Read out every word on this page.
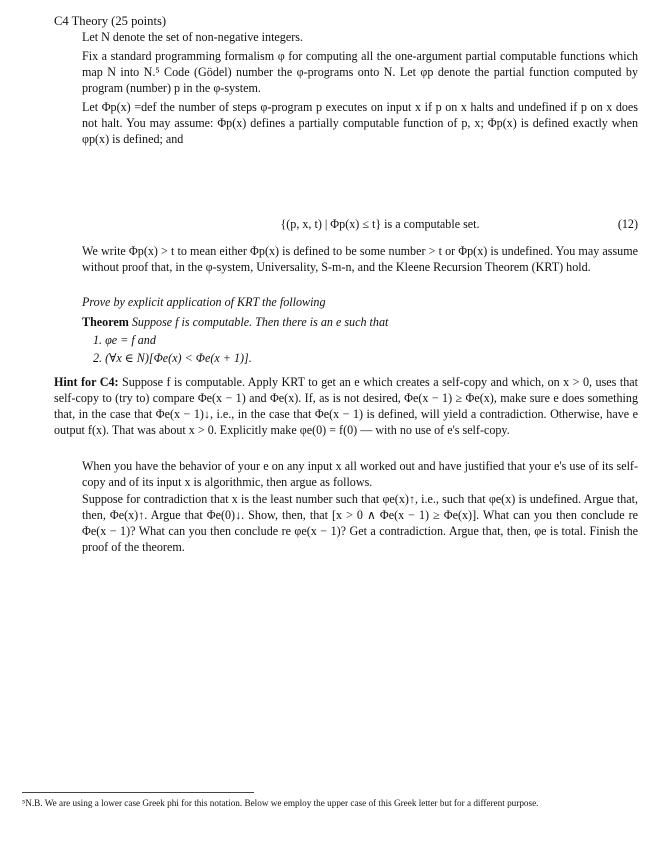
C4 Theory (25 points)

Let N denote the set of non-negative integers.

Fix a standard programming formalism φ for computing all the one-argument partial computable functions which map N into N.⁵ Code (Gödel) number the φ-programs onto N. Let φp denote the partial function computed by program (number) p in the φ-system.

Let Φp(x) =def the number of steps φ-program p executes on input x if p on x halts and undefined if p on x does not halt. You may assume: Φp(x) defines a partially computable function of p, x; Φp(x) is defined exactly when φp(x) is defined; and

{(p, x, t) | Φp(x) ≤ t} is a computable set.	(12)

We write Φp(x) > t to mean either Φp(x) is defined to be some number > t or Φp(x) is undefined. You may assume without proof that, in the φ-system, Universality, S-m-n, and the Kleene Recursion Theorem (KRT) hold.

Prove by explicit application of KRT the following

Theorem Suppose f is computable. Then there is an e such that
1. φe = f and
2. (∀x ∈ N)[Φe(x) < Φe(x + 1)].
Hint for C4: Suppose f is computable. Apply KRT to get an e which creates a self-copy and which, on x > 0, uses that self-copy to (try to) compare Φe(x − 1) and Φe(x). If, as is not desired, Φe(x − 1) ≥ Φe(x), make sure e does something that, in the case that Φe(x − 1)↓, i.e., in the case that Φe(x − 1) is defined, will yield a contradiction. Otherwise, have e output f(x). That was about x > 0. Explicitly make φe(0) = f(0) — with no use of e's self-copy.

When you have the behavior of your e on any input x all worked out and have justified that your e's use of its self-copy and of its input x is algorithmic, then argue as follows.

Suppose for contradiction that x is the least number such that φe(x)↑, i.e., such that φe(x) is undefined. Argue that, then, Φe(x)↑. Argue that Φe(0)↓. Show, then, that [x > 0 ∧ Φe(x − 1) ≥ Φe(x)]. What can you then conclude re Φe(x − 1)? What can you then conclude re φe(x − 1)? Get a contradiction. Argue that, then, φe is total. Finish the proof of the theorem.

⁵N.B. We are using a lower case Greek phi for this notation. Below we employ the upper case of this Greek letter but for a different purpose.
